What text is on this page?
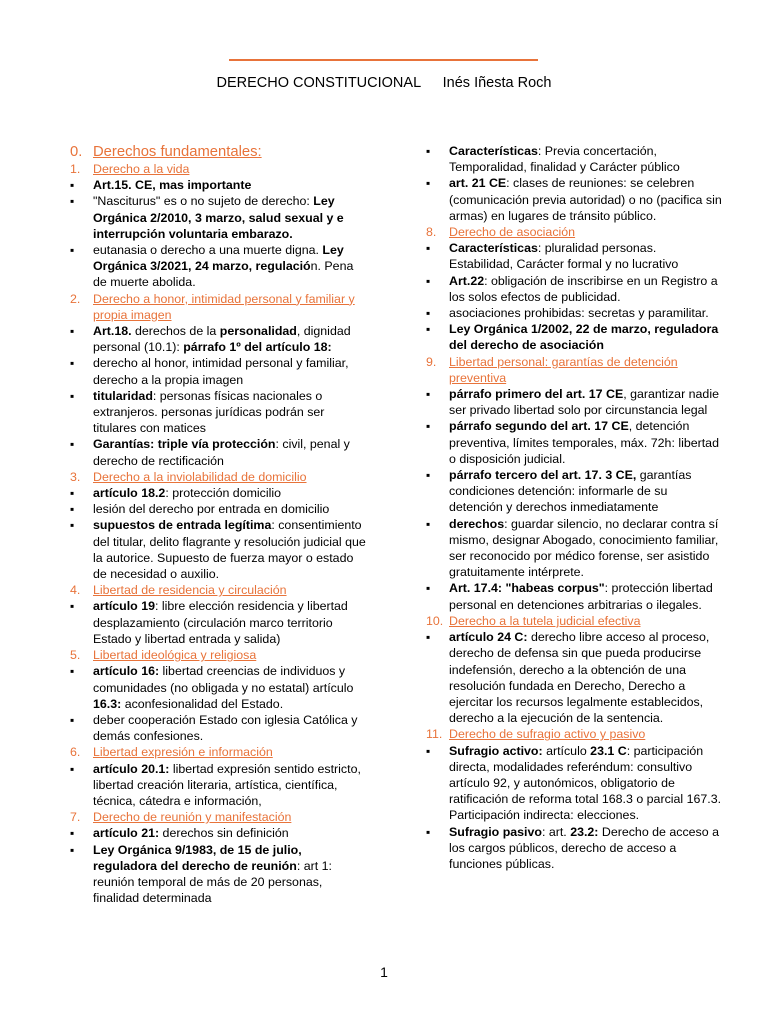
DERECHO CONSTITUCIONAL Inés Iñesta Roch
0. Derechos fundamentales:
1. Derecho a la vida
▪ Art.15. CE, mas importante
▪ "Nasciturus" es o no sujeto de derecho: Ley Orgánica 2/2010, 3 marzo, salud sexual y e interrupción voluntaria embarazo.
▪ eutanasia o derecho a una muerte digna. Ley Orgánica 3/2021, 24 marzo, regulación. Pena de muerte abolida.
2. Derecho a honor, intimidad personal y familiar y propia imagen
▪ Art.18. derechos de la personalidad, dignidad personal (10.1): párrafo 1º del artículo 18:
▪ derecho al honor, intimidad personal y familiar, derecho a la propia imagen
▪ titularidad: personas físicas nacionales o extranjeros. personas jurídicas podrán ser titulares con matices
▪ Garantías: triple vía protección: civil, penal y derecho de rectificación
3. Derecho a la inviolabilidad de domicilio
▪ artículo 18.2: protección domicilio
▪ lesión del derecho por entrada en domicilio
▪ supuestos de entrada legítima: consentimiento del titular, delito flagrante y resolución judicial que la autorice. Supuesto de fuerza mayor o estado de necesidad o auxilio.
4. Libertad de residencia y circulación
▪ artículo 19: libre elección residencia y libertad desplazamiento (circulación marco territorio Estado y libertad entrada y salida)
5. Libertad ideológica y religiosa
▪ artículo 16: libertad creencias de individuos y comunidades (no obligada y no estatal) artículo 16.3: aconfesionalidad del Estado.
▪ deber cooperación Estado con iglesia Católica y demás confesiones.
6. Libertad expresión e información
▪ artículo 20.1: libertad expresión sentido estricto, libertad creación literaria, artística, científica, técnica, cátedra e información,
7. Derecho de reunión y manifestación
▪ artículo 21: derechos sin definición
▪ Ley Orgánica 9/1983, de 15 de julio, reguladora del derecho de reunión: art 1: reunión temporal de más de 20 personas, finalidad determinada
▪ Características: Previa concertación, Temporalidad, finalidad y Carácter público
▪ art. 21 CE: clases de reuniones: se celebren (comunicación previa autoridad) o no (pacifica sin armas) en lugares de tránsito público.
8. Derecho de asociación
▪ Características: pluralidad personas. Estabilidad, Carácter formal y no lucrativo
▪ Art.22: obligación de inscribirse en un Registro a los solos efectos de publicidad.
▪ asociaciones prohibidas: secretas y paramilitar.
▪ Ley Orgánica 1/2002, 22 de marzo, reguladora del derecho de asociación
9. Libertad personal: garantías de detención preventiva
▪ párrafo primero del art. 17 CE, garantizar nadie ser privado libertad solo por circunstancia legal
▪ párrafo segundo del art. 17 CE, detención preventiva, límites temporales, máx. 72h: libertad o disposición judicial.
▪ párrafo tercero del art. 17. 3 CE, garantías condiciones detención: informarle de su detención y derechos inmediatamente
▪ derechos: guardar silencio, no declarar contra sí mismo, designar Abogado, conocimiento familiar, ser reconocido por médico forense, ser asistido gratuitamente intérprete.
▪ Art. 17.4: "habeas corpus": protección libertad personal en detenciones arbitrarias o ilegales.
10. Derecho a la tutela judicial efectiva
▪ artículo 24 C: derecho libre acceso al proceso, derecho de defensa sin que pueda producirse indefensión, derecho a la obtención de una resolución fundada en Derecho, Derecho a ejercitar los recursos legalmente establecidos, derecho a la ejecución de la sentencia.
11. Derecho de sufragio activo y pasivo
▪ Sufragio activo: artículo 23.1 C: participación directa, modalidades referéndum: consultivo artículo 92, y autonómicos, obligatorio de ratificación de reforma total 168.3 o parcial 167.3. Participación indirecta: elecciones.
▪ Sufragio pasivo: art. 23.2: Derecho de acceso a los cargos públicos, derecho de acceso a funciones públicas.
1
